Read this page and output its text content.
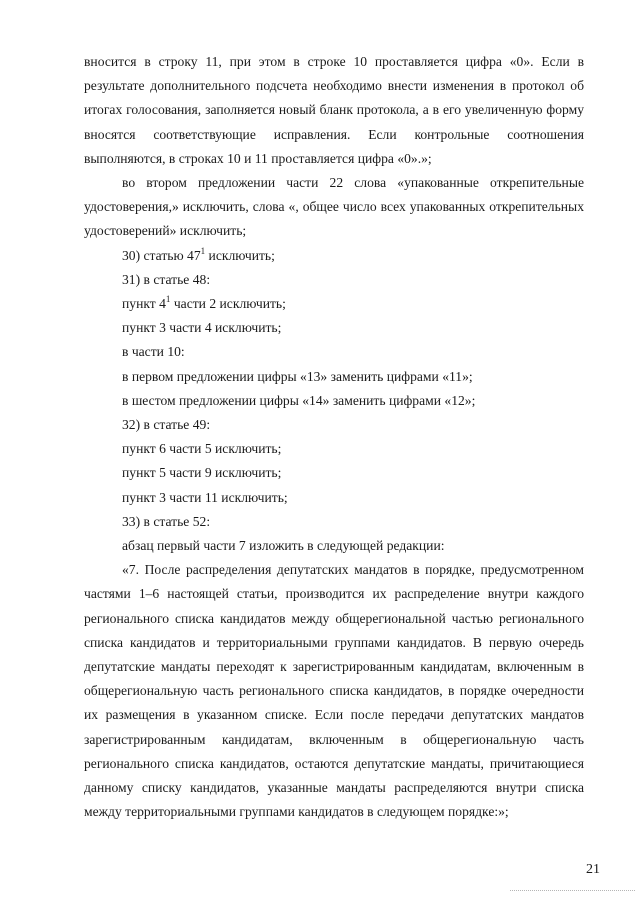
вносится в строку 11, при этом в строке 10 проставляется цифра «0». Если в результате дополнительного подсчета необходимо внести изменения в протокол об итогах голосования, заполняется новый бланк протокола, а в его увеличенную форму вносятся соответствующие исправления. Если контрольные соотношения выполняются, в строках 10 и 11 проставляется цифра «0».»;

во втором предложении части 22 слова «упакованные открепительные удостоверения,» исключить, слова «, общее число всех упакованных открепительных удостоверений» исключить;

30) статью $47^1$ исключить;

31) в статье 48:

пункт $4^1$ части 2 исключить;

пункт 3 части 4 исключить;

в части 10:

в первом предложении цифры «13» заменить цифрами «11»;

в шестом предложении цифры «14» заменить цифрами «12»;

32) в статье 49:

пункт 6 части 5 исключить;

пункт 5 части 9 исключить;

пункт 3 части 11 исключить;

33) в статье 52:

абзац первый части 7 изложить в следующей редакции:

«7. После распределения депутатских мандатов в порядке, предусмотренном частями 1–6 настоящей статьи, производится их распределение внутри каждого регионального списка кандидатов между общерегиональной частью регионального списка кандидатов и территориальными группами кандидатов. В первую очередь депутатские мандаты переходят к зарегистрированным кандидатам, включенным в общерегиональную часть регионального списка кандидатов, в порядке очередности их размещения в указанном списке. Если после передачи депутатских мандатов зарегистрированным кандидатам, включенным в общерегиональную часть регионального списка кандидатов, остаются депутатские мандаты, причитающиеся данному списку кандидатов, указанные мандаты распределяются внутри списка между территориальными группами кандидатов в следующем порядке:»;

21
